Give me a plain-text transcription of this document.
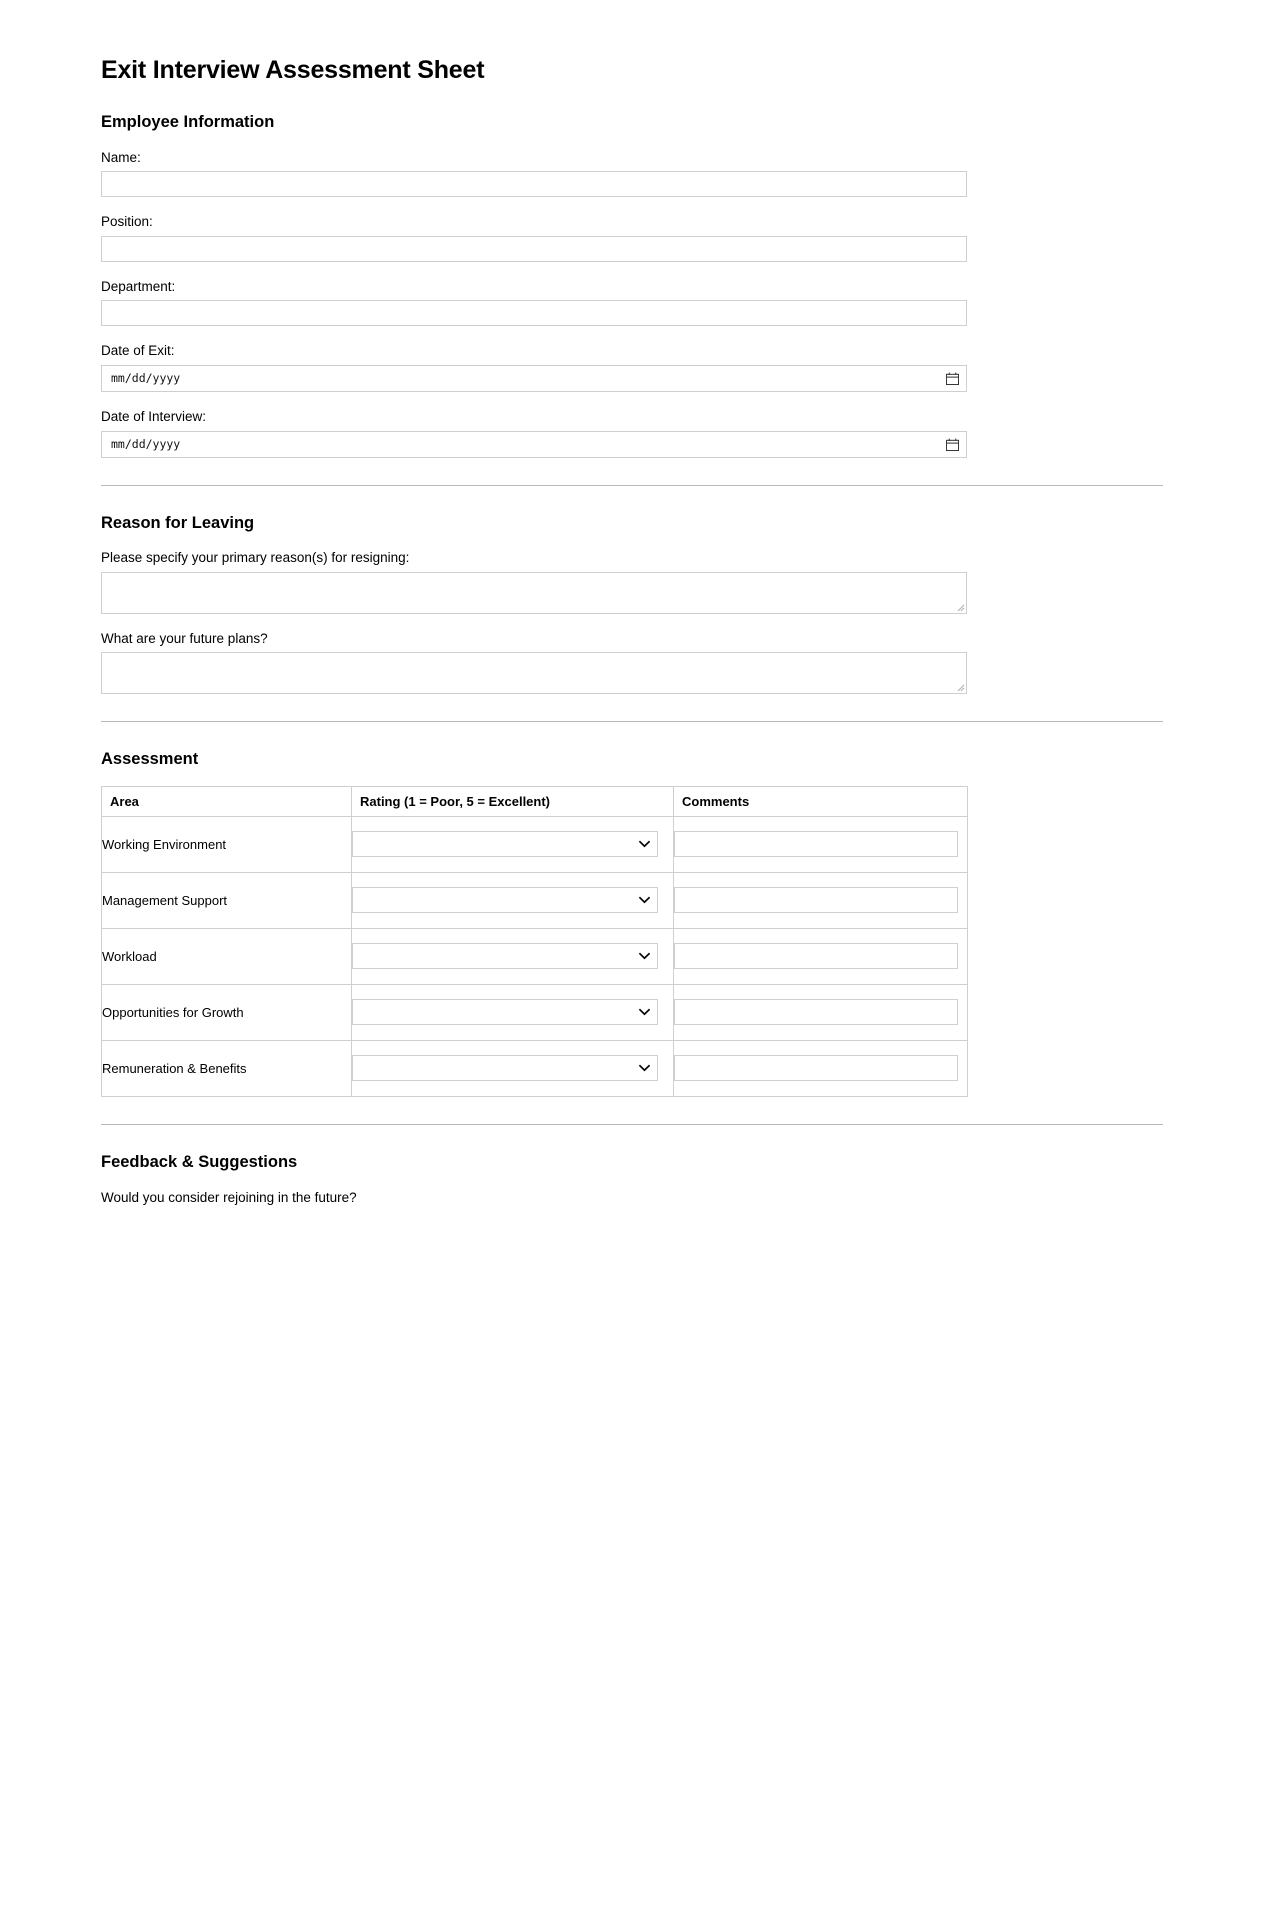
Exit Interview Assessment Sheet
Employee Information
Name:
Position:
Department:
Date of Exit:
mm/dd/yyyy
Date of Interview:
mm/dd/yyyy
Reason for Leaving
Please specify your primary reason(s) for resigning:
What are your future plans?
Assessment
Area	Rating (1 = Poor, 5 = Excellent)	Comments
Working Environment	

Management Support	

Workload	

Opportunities for Growth	

Remuneration & Benefits	

Feedback & Suggestions

Would you consider rejoining in the future?
